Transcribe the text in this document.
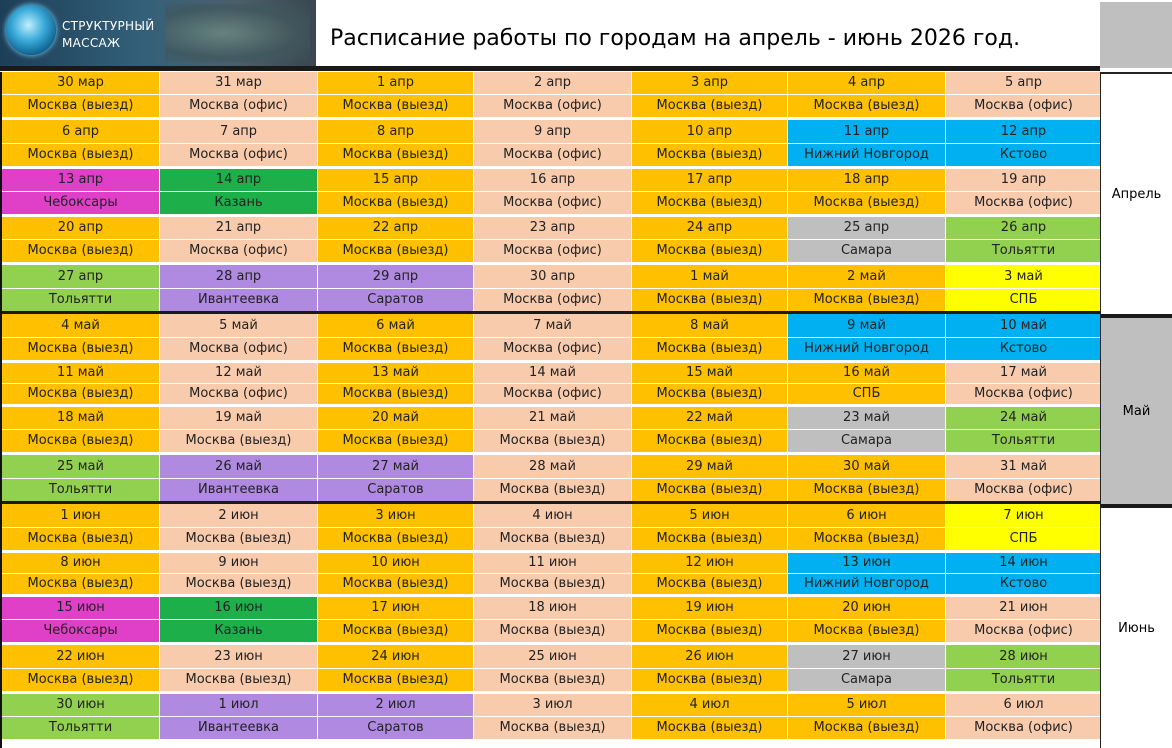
СТРУКТУРНЫЙ
МАССАЖ	Расписание работы по городам на апрель - июнь 2026 год.
30 мар
Москва (выезд)
31 мар
Москва (офис)
1 апр
Москва (выезд)
2 апр
Москва (офис)
3 апр
Москва (выезд)
4 апр
Москва (выезд)
5 апр
Москва (офис)
6 апр
Москва (выезд)
7 апр
Москва (офис)
8 апр
Москва (выезд)
9 апр
Москва (офис)
10 апр
Москва (выезд)
11 апр
Нижний Новгород
12 апр
Кстово
13 апр
Чебоксары
14 апр
Казань
15 апр
Москва (выезд)
16 апр
Москва (офис)
17 апр
Москва (выезд)
18 апр
Москва (выезд)
19 апр
Москва (офис)
20 апр
Москва (выезд)
21 апр
Москва (офис)
22 апр
Москва (выезд)
23 апр
Москва (офис)
24 апр
Москва (выезд)
25 апр
Самара
26 апр
Тольятти
27 апр
Тольятти
28 апр
Ивантеевка
29 апр
Саратов
30 апр
Москва (офис)
1 май
Москва (выезд)
2 май
Москва (выезд)
3 май
СПБ
4 май
Москва (выезд)
5 май
Москва (офис)
6 май
Москва (выезд)
7 май
Москва (офис)
8 май
Москва (выезд)
9 май
Нижний Новгород
10 май
Кстово
11 май
Москва (выезд)
12 май
Москва (офис)
13 май
Москва (выезд)
14 май
Москва (офис)
15 май
Москва (выезд)
16 май
СПБ
17 май
Москва (офис)
18 май
Москва (выезд)
19 май
Москва (выезд)
20 май
Москва (выезд)
21 май
Москва (выезд)
22 май
Москва (выезд)
23 май
Самара
24 май
Тольятти
25 май
Тольятти
26 май
Ивантеевка
27 май
Саратов
28 май
Москва (выезд)
29 май
Москва (выезд)
30 май
Москва (выезд)
31 май
Москва (офис)
1 июн
Москва (выезд)
2 июн
Москва (выезд)
3 июн
Москва (выезд)
4 июн
Москва (выезд)
5 июн
Москва (выезд)
6 июн
Москва (выезд)
7 июн
СПБ
8 июн
Москва (выезд)
9 июн
Москва (выезд)
10 июн
Москва (выезд)
11 июн
Москва (выезд)
12 июн
Москва (выезд)
13 июн
Нижний Новгород
14 июн
Кстово
15 июн
Чебоксары
16 июн
Казань
17 июн
Москва (выезд)
18 июн
Москва (выезд)
19 июн
Москва (выезд)
20 июн
Москва (выезд)
21 июн
Москва (офис)
22 июн
Москва (выезд)
23 июн
Москва (выезд)
24 июн
Москва (выезд)
25 июн
Москва (выезд)
26 июн
Москва (выезд)
27 июн
Самара
28 июн
Тольятти
30 июн
Тольятти
1 июл
Ивантеевка
2 июл
Саратов
3 июл
Москва (выезд)
4 июл
Москва (выезд)
5 июл
Москва (выезд)
6 июл
Москва (офис)
Апрель
Май
Июнь
